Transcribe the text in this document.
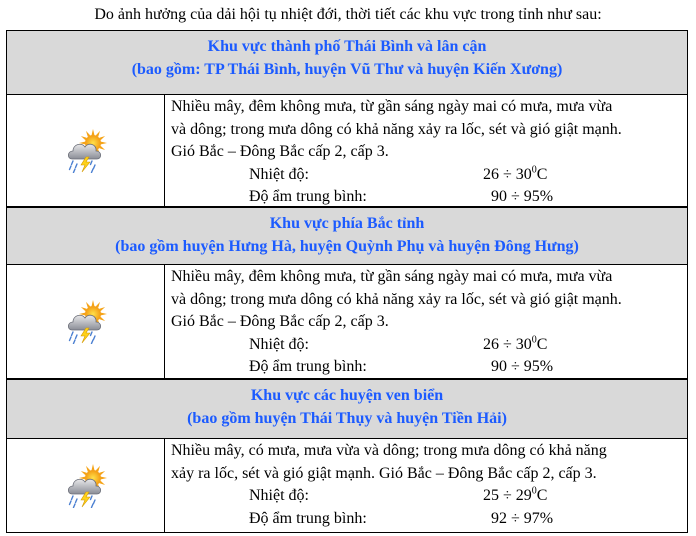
Do ảnh hưởng của dải hội tụ nhiệt đới, thời tiết các khu vực trong tỉnh như sau:
Khu vực thành phố Thái Bình và lân cận
(bao gồm: TP Thái Bình, huyện Vũ Thư và huyện Kiến Xương)
Nhiều mây, đêm không mưa, từ gần sáng ngày mai có mưa, mưa vừa
và dông; trong mưa dông có khả năng xảy ra lốc, sét và gió giật mạnh.
Gió Bắc – Đông Bắc cấp 2, cấp 3.
Nhiệt độ:	$26 \div 30^0C$
Độ ẩm trung bình:	90 ÷ 95%
Khu vực phía Bắc tỉnh
(bao gồm huyện Hưng Hà, huyện Quỳnh Phụ và huyện Đông Hưng)
Nhiều mây, đêm không mưa, từ gần sáng ngày mai có mưa, mưa vừa
và dông; trong mưa dông có khả năng xảy ra lốc, sét và gió giật mạnh.
Gió Bắc – Đông Bắc cấp 2, cấp 3.
Nhiệt độ:	$26 \div 30^0C$
Độ ẩm trung bình:	90 ÷ 95%
Khu vực các huyện ven biển
(bao gồm huyện Thái Thụy và huyện Tiền Hải)
Nhiều mây, có mưa, mưa vừa và dông; trong mưa dông có khả năng
xảy ra lốc, sét và gió giật mạnh. Gió Bắc – Đông Bắc cấp 2, cấp 3.
Nhiệt độ:	$25 \div 29^0C$
Độ ẩm trung bình:	92 ÷ 97%
